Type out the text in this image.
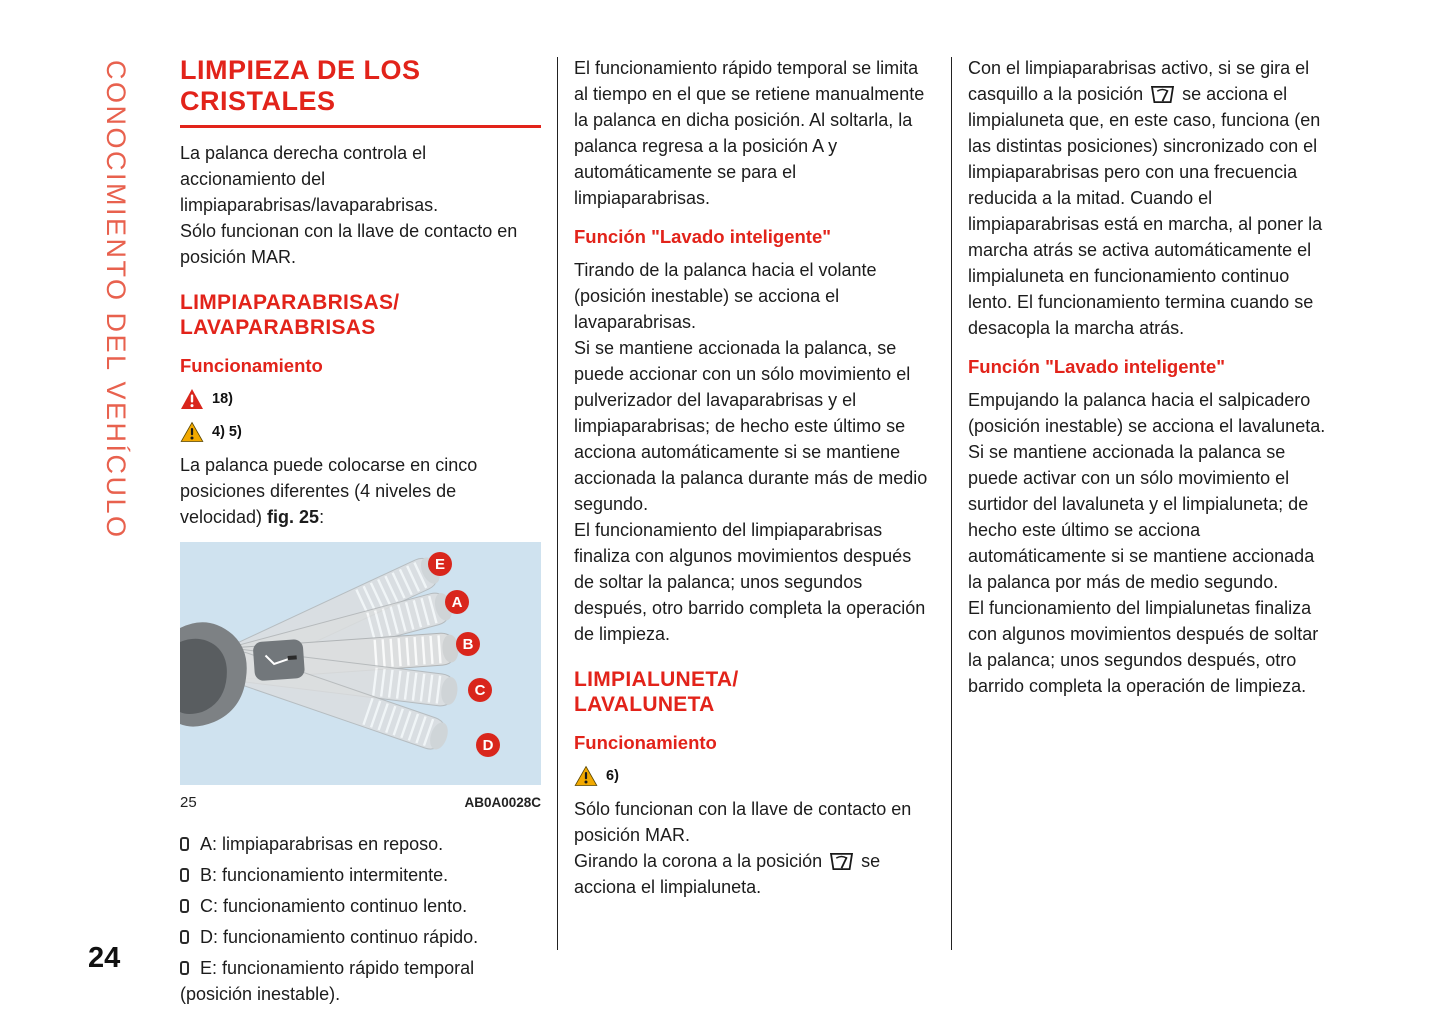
CONOCIMIENTO DEL VEHÍCULO
24
LIMPIEZA DE LOS
CRISTALES

La palanca derecha controla el accionamiento del limpiaparabrisas/lavaparabrisas.

Sólo funcionan con la llave de contacto en posición MAR.

LIMPIAPARABRISAS/
LAVAPARABRISAS
Funcionamiento
18)
4) 5)

La palanca puede colocarse en cinco posiciones diferentes (4 niveles de velocidad) fig. 25:

E
A
B
C
D
25	AB0A0028C
A: limpiaparabrisas en reposo.
B: funcionamiento intermitente.
C: funcionamiento continuo lento.
D: funcionamiento continuo rápido.
E: funcionamiento rápido temporal (posición inestable).

El funcionamiento rápido temporal se limita al tiempo en el que se retiene manualmente la palanca en dicha posición. Al soltarla, la palanca regresa a la posición A y automáticamente se para el limpiaparabrisas.

Función "Lavado inteligente"

Tirando de la palanca hacia el volante (posición inestable) se acciona el lavaparabrisas.

Si se mantiene accionada la palanca, se puede accionar con un sólo movimiento el pulverizador del lavaparabrisas y el limpiaparabrisas; de hecho este último se acciona automáticamente si se mantiene accionada la palanca durante más de medio segundo.

El funcionamiento del limpiaparabrisas finaliza con algunos movimientos después de soltar la palanca; unos segundos después, otro barrido completa la operación de limpieza.

LIMPIALUNETA/
LAVALUNETA
Funcionamiento
6)

Sólo funcionan con la llave de contacto en posición MAR.

Girando la corona a la posición se acciona el limpialuneta.

Con el limpiaparabrisas activo, si se gira el casquillo a la posición se acciona el limpialuneta que, en este caso, funciona (en las distintas posiciones) sincronizado con el limpiaparabrisas pero con una frecuencia reducida a la mitad. Cuando el limpiaparabrisas está en marcha, al poner la marcha atrás se activa automáticamente el limpialuneta en funcionamiento continuo lento. El funcionamiento termina cuando se desacopla la marcha atrás.

Función "Lavado inteligente"

Empujando la palanca hacia el salpicadero (posición inestable) se acciona el lavaluneta.

Si se mantiene accionada la palanca se puede activar con un sólo movimiento el surtidor del lavaluneta y el limpialuneta; de hecho este último se acciona automáticamente si se mantiene accionada la palanca por más de medio segundo.

El funcionamiento del limpialunetas finaliza con algunos movimientos después de soltar la palanca; unos segundos después, otro barrido completa la operación de limpieza.
